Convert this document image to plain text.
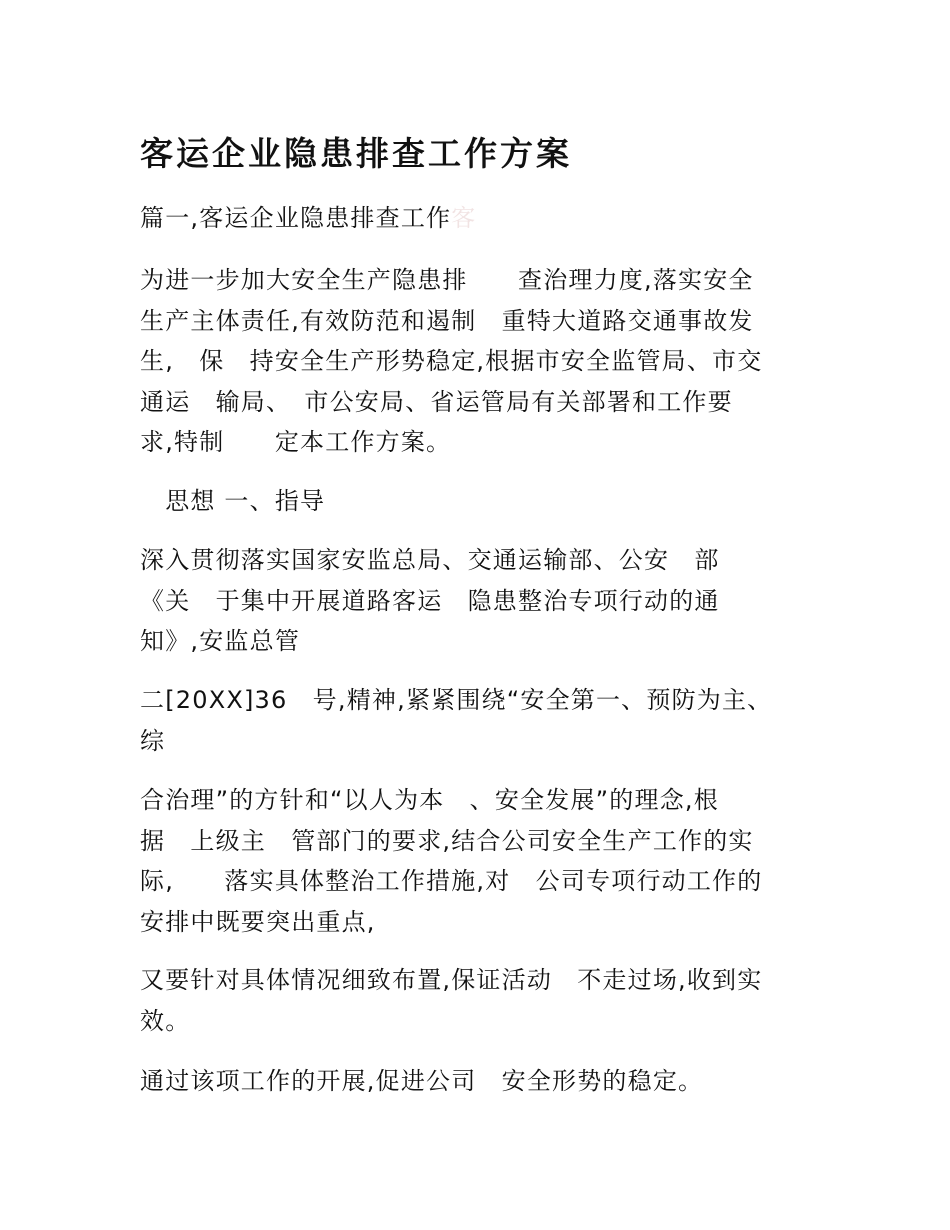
客运企业隐患排查工作方案

篇一,客运企业隐患排查工作客

为进一步加大安全生产隐患排　　查治理力度,落实安全
生产主体责任,有效防范和遏制　重特大道路交通事故发
生,　保　持安全生产形势稳定,根据市安全监管局、市交
通运　输局、　市公安局、省运管局有关部署和工作要
求,特制　　定本工作方案。

　思想 一、指导

深入贯彻落实国家安监总局、交通运输部、公安　部
《关　于集中开展道路客运　隐患整治专项行动的通
知》,安监总管

二[20XX]36　号,精神,紧紧围绕“安全第一、预防为主、
综

合治理”的方针和“以人为本　、安全发展”的理念,根
据　上级主　管部门的要求,结合公司安全生产工作的实
际,　　落实具体整治工作措施,对　公司专项行动工作的
安排中既要突出重点,

又要针对具体情况细致布置,保证活动　不走过场,收到实
效。

通过该项工作的开展,促进公司　安全形势的稳定。
